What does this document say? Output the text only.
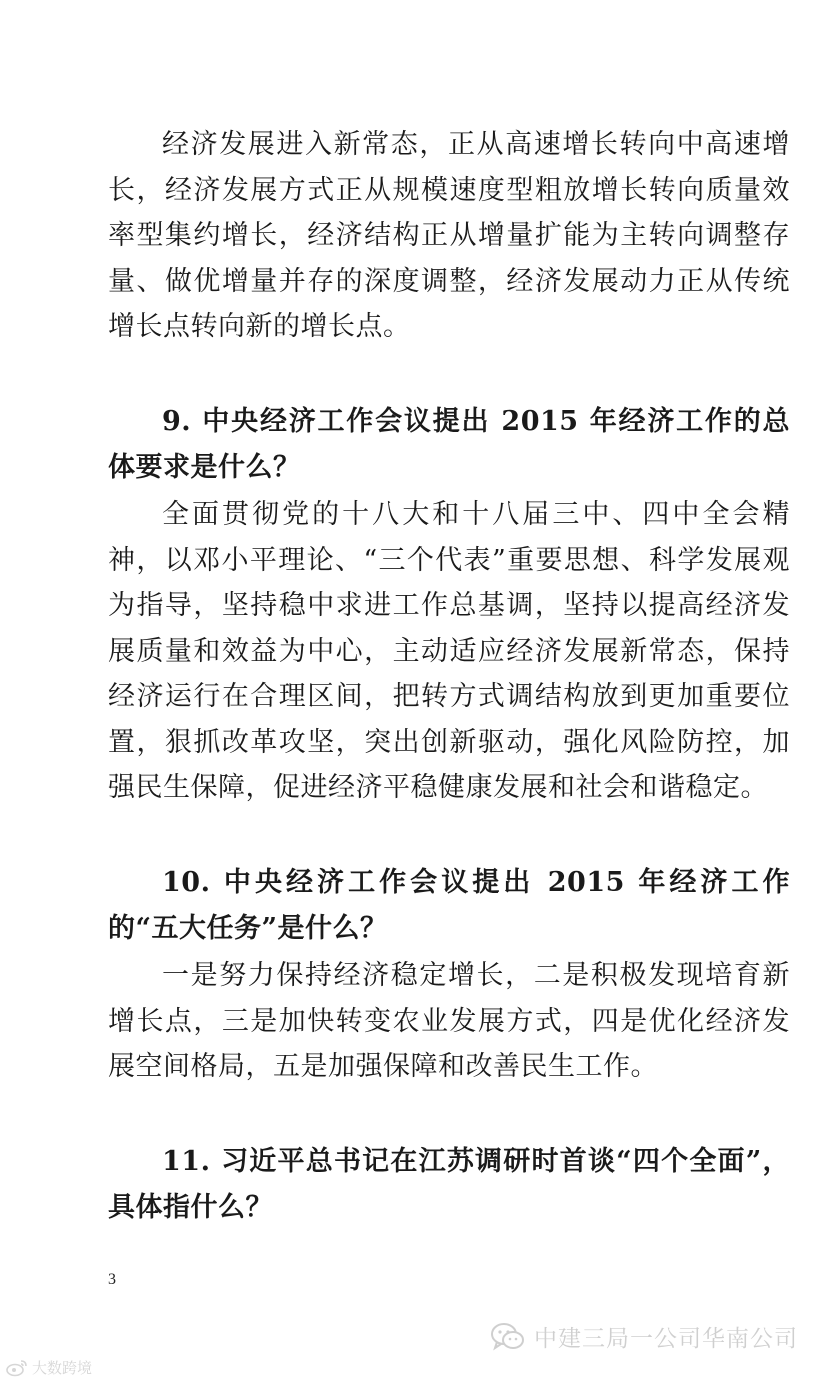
经济发展进入新常态，正从高速增长转向中高速增长，经济发展方式正从规模速度型粗放增长转向质量效率型集约增长，经济结构正从增量扩能为主转向调整存量、做优增量并存的深度调整，经济发展动力正从传统增长点转向新的增长点。

9. 中央经济工作会议提出 2015 年经济工作的总体要求是什么？

全面贯彻党的十八大和十八届三中、四中全会精神，以邓小平理论、“三个代表”重要思想、科学发展观为指导，坚持稳中求进工作总基调，坚持以提高经济发展质量和效益为中心，主动适应经济发展新常态，保持经济运行在合理区间，把转方式调结构放到更加重要位置，狠抓改革攻坚，突出创新驱动，强化风险防控，加强民生保障，促进经济平稳健康发展和社会和谐稳定。

10. 中央经济工作会议提出 2015 年经济工作的“五大任务”是什么？

一是努力保持经济稳定增长，二是积极发现培育新增长点，三是加快转变农业发展方式，四是优化经济发展空间格局，五是加强保障和改善民生工作。

11. 习近平总书记在江苏调研时首谈“四个全面”，具体指什么？

3
中建三局一公司华南公司
大数跨境
